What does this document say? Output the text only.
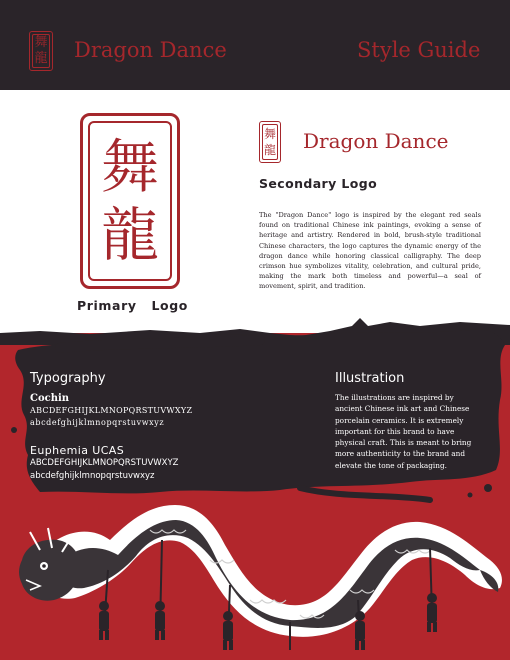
舞
龍 Dragon Dance	Style Guide
舞
龍
Primary   Logo
舞
龍 Dragon Dance
Secondary Logo
The "Dragon Dance" logo is inspired by the elegant red seals found on traditional Chinese ink paintings, evoking a sense of heritage and artistry. Rendered in bold, brush-style traditional Chinese characters, the logo captures the dynamic energy of the dragon dance while honoring classical calligraphy. The deep crimson hue symbolizes vitality, celebration, and cultural pride, making the mark both timeless and powerful—a seal of movement, spirit, and tradition.
Typography
Cochin
ABCDEFGHIJKLMNOPQRSTUVWXYZ
abcdefghijklmnopqrstuvwxyz
Euphemia UCAS
ABCDEFGHIJKLMNOPQRSTUVWXYZ
abcdefghijklmnopqrstuvwxyz
Illustration
The illustrations are inspired by ancient Chinese ink art and Chinese porcelain ceramics. It is extremely important for this brand to have physical craft. This is meant to bring more authenticity to the brand and elevate the tone of packaging.
